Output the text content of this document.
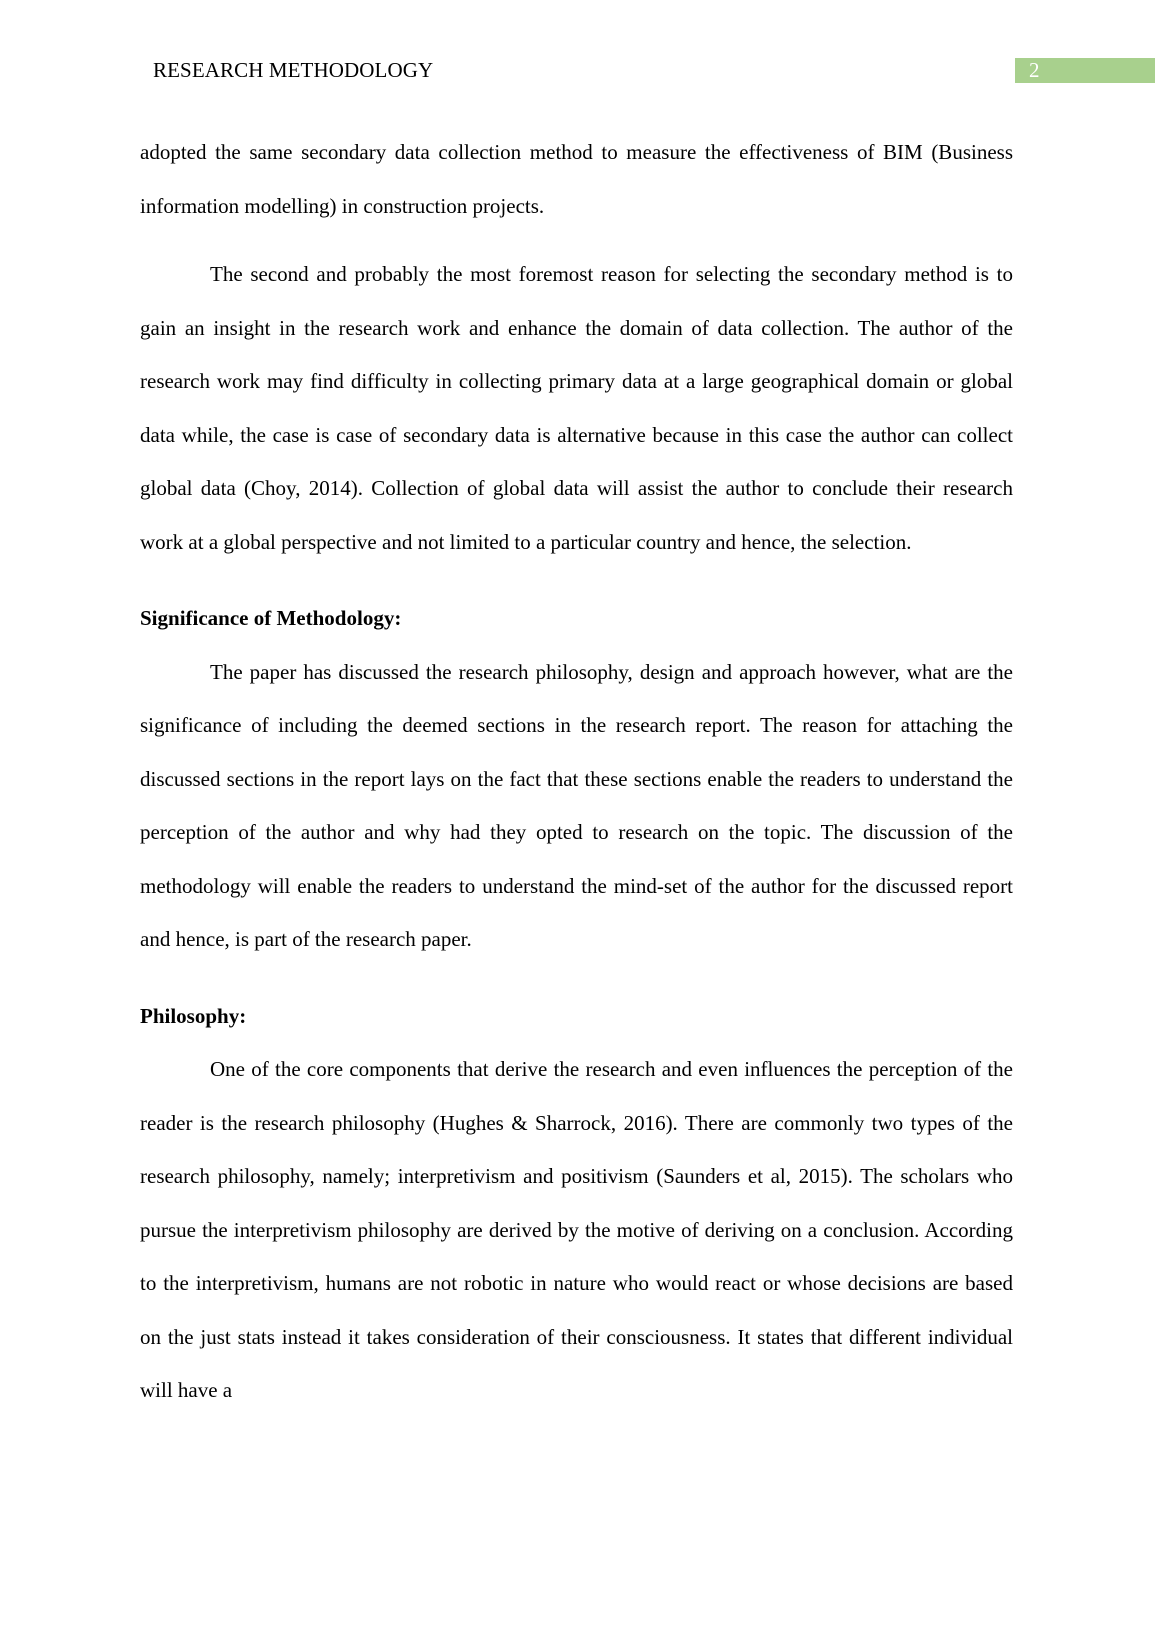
RESEARCH METHODOLOGY	2

adopted the same secondary data collection method to measure the effectiveness of BIM (Business information modelling) in construction projects.

The second and probably the most foremost reason for selecting the secondary method is to gain an insight in the research work and enhance the domain of data collection. The author of the research work may find difficulty in collecting primary data at a large geographical domain or global data while, the case is case of secondary data is alternative because in this case the author can collect global data (Choy, 2014). Collection of global data will assist the author to conclude their research work at a global perspective and not limited to a particular country and hence, the selection.

Significance of Methodology:

The paper has discussed the research philosophy, design and approach however, what are the significance of including the deemed sections in the research report. The reason for attaching the discussed sections in the report lays on the fact that these sections enable the readers to understand the perception of the author and why had they opted to research on the topic. The discussion of the methodology will enable the readers to understand the mind-set of the author for the discussed report and hence, is part of the research paper.

Philosophy:

One of the core components that derive the research and even influences the perception of the reader is the research philosophy (Hughes & Sharrock, 2016). There are commonly two types of the research philosophy, namely; interpretivism and positivism (Saunders et al, 2015). The scholars who pursue the interpretivism philosophy are derived by the motive of deriving on a conclusion. According to the interpretivism, humans are not robotic in nature who would react or whose decisions are based on the just stats instead it takes consideration of their consciousness. It states that different individual will have a
